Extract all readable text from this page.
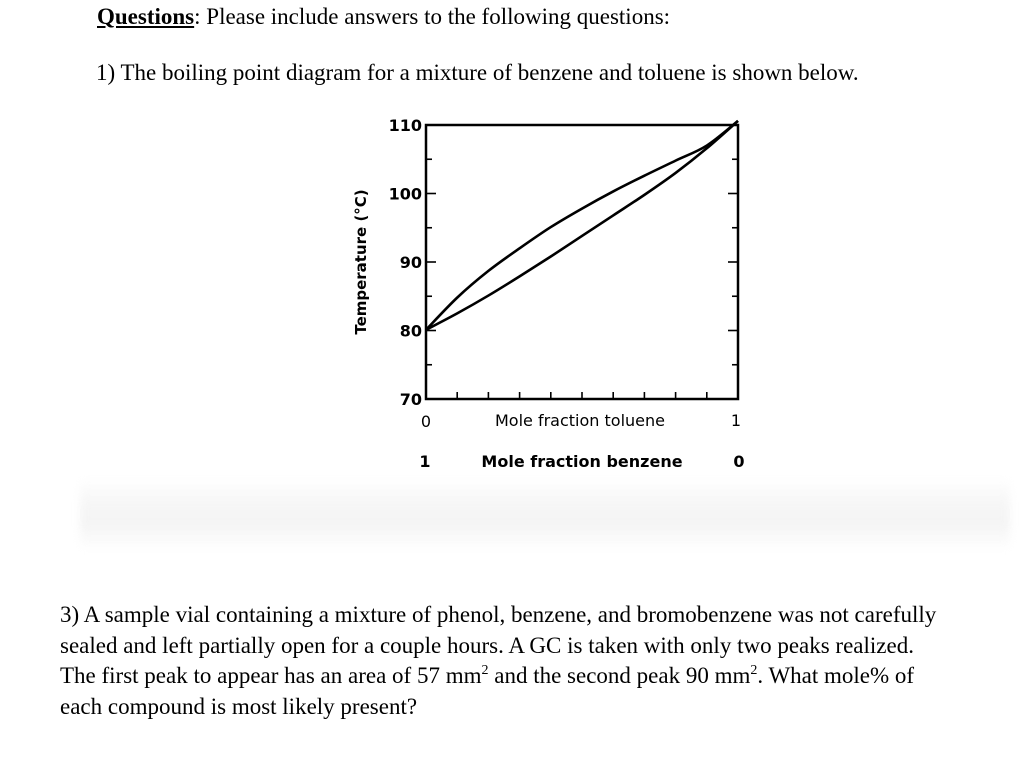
Questions: Please include answers to the following questions:
1) The boiling point diagram for a mixture of benzene and toluene is shown below.
110
100
90
80
70
Temperature (°C)
0	Mole fraction toluene	1
1	Mole fraction benzene	0
3) A sample vial containing a mixture of phenol, benzene, and bromobenzene was not carefully
sealed and left partially open for a couple hours. A GC is taken with only two peaks realized.
The first peak to appear has an area of 57 $mm^2$ and the second peak 90 $mm^2$. What mole% of
each compound is most likely present?
